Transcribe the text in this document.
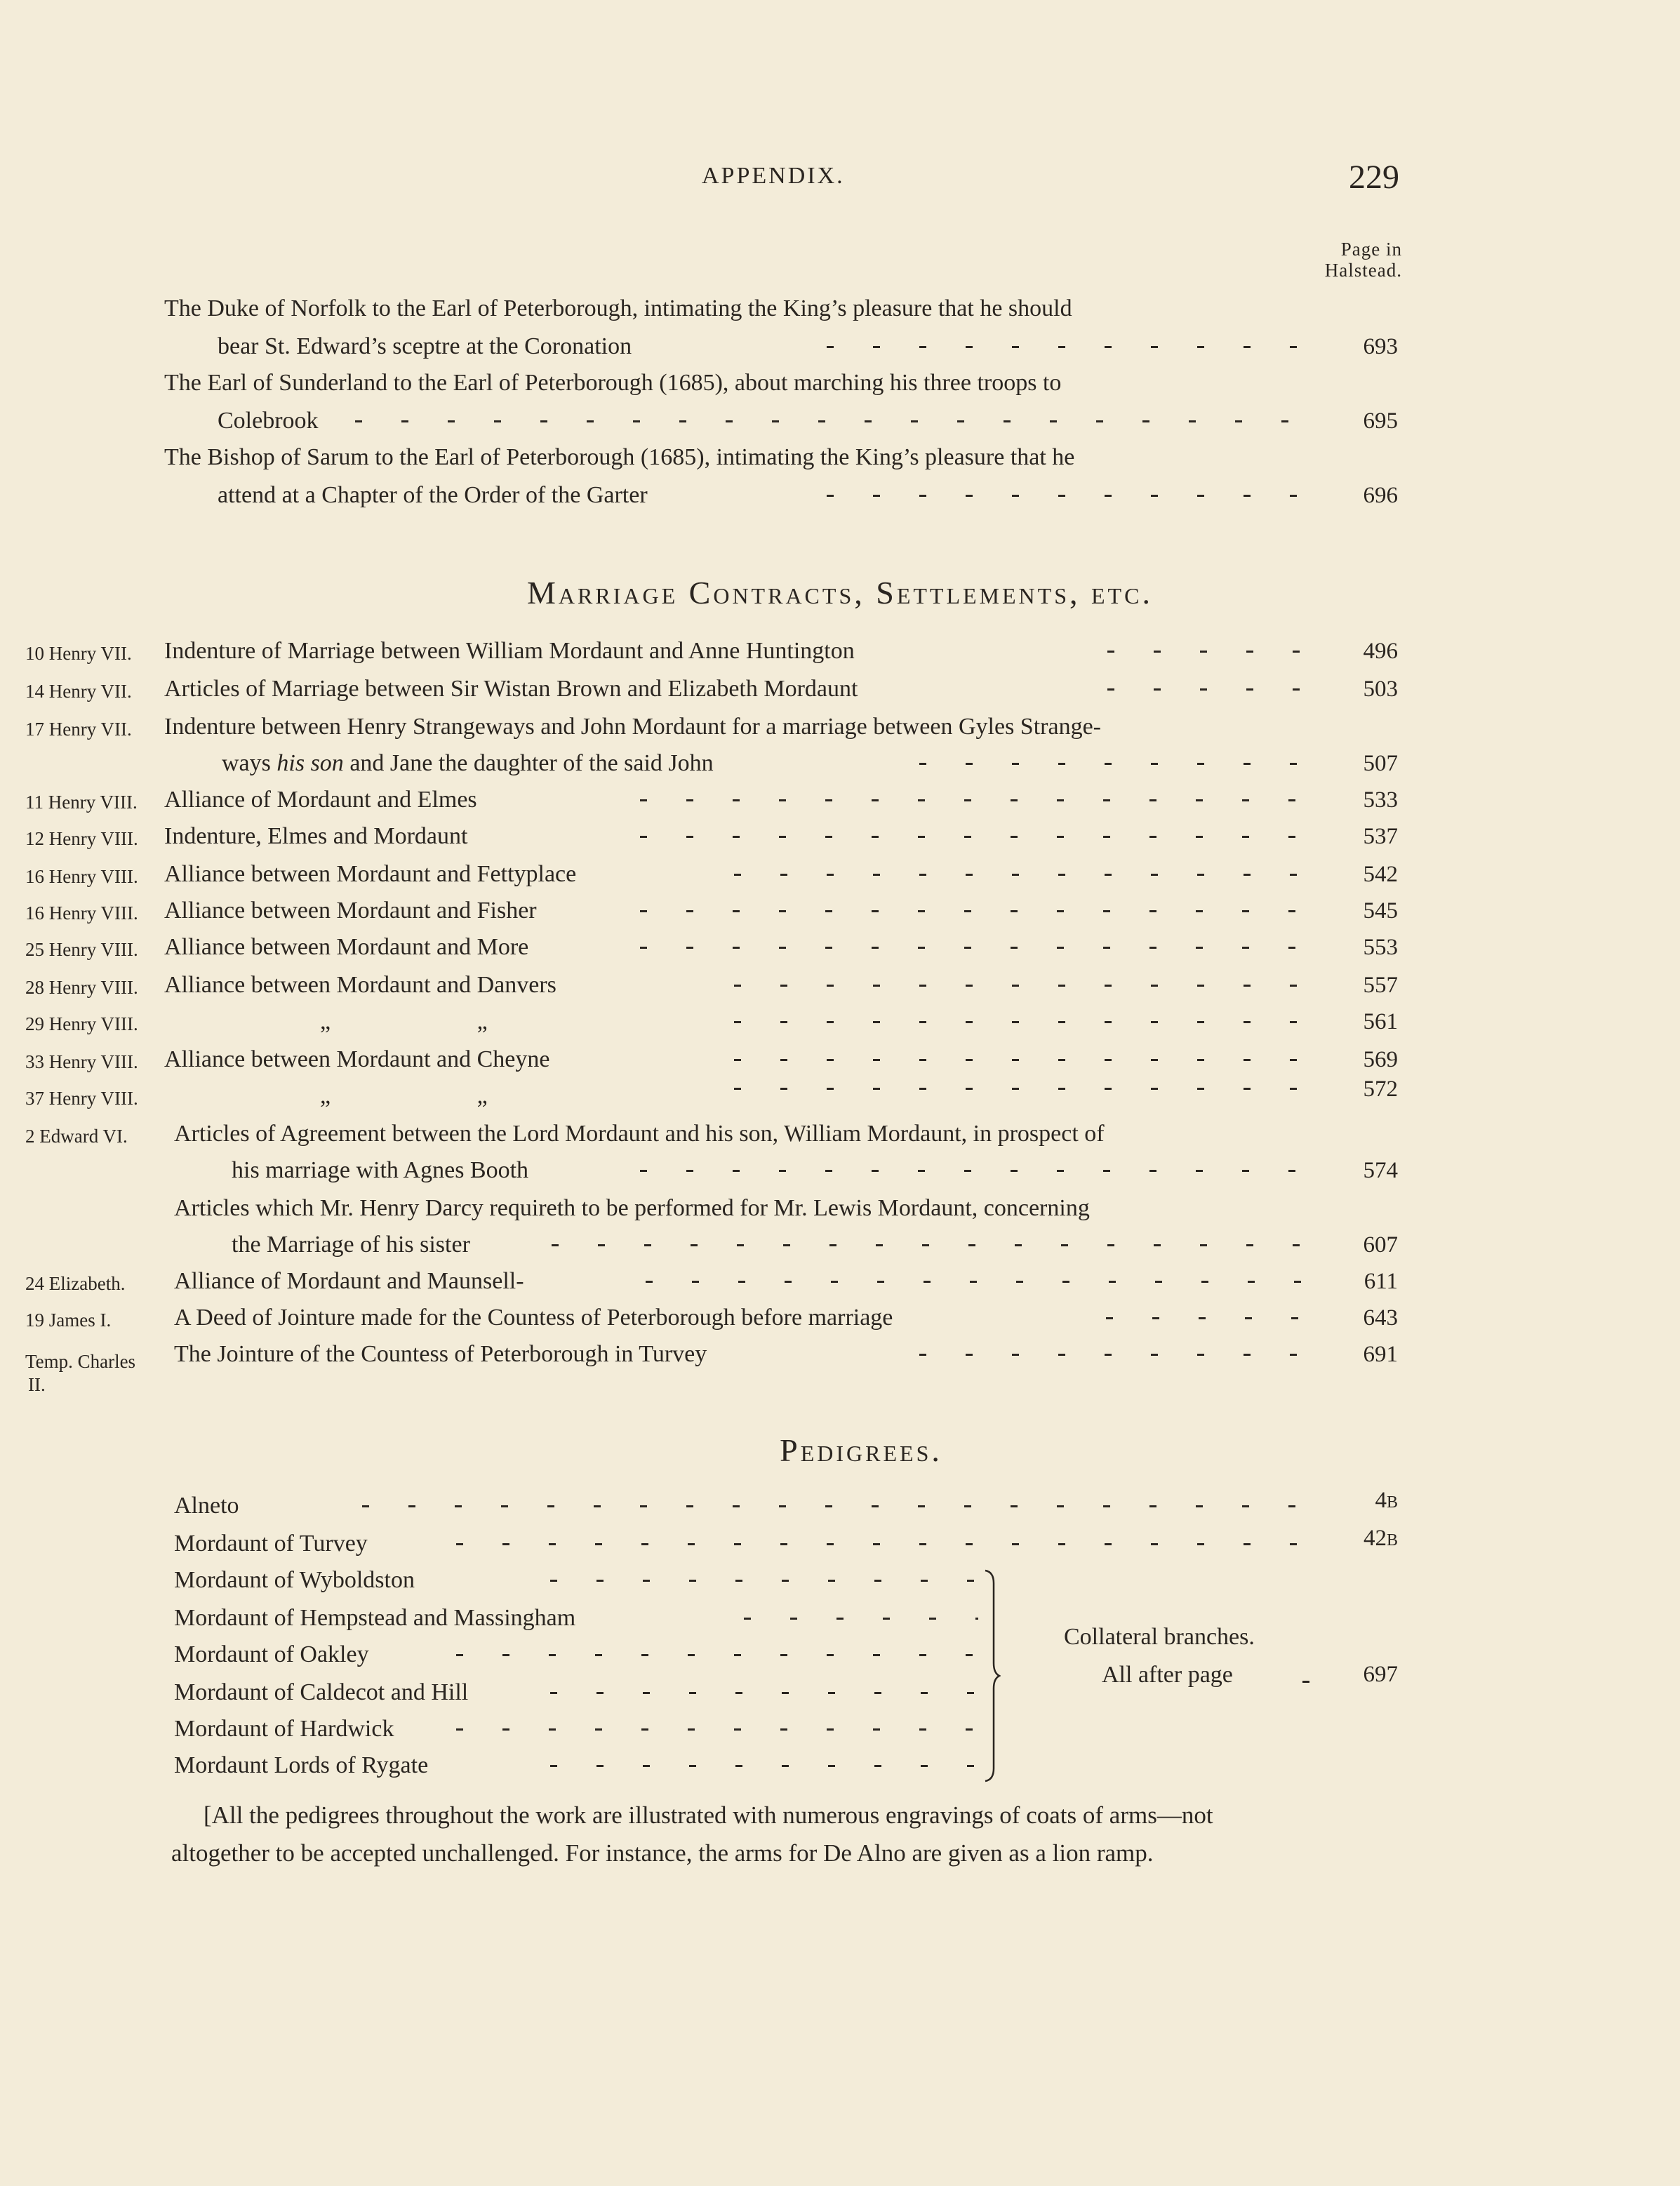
APPENDIX.	229
Page in
Halstead.
The Duke of Norfolk to the Earl of Peterborough, intimating the King’s pleasure that he should
bear St. Edward’s sceptre at the Coronation	693
The Earl of Sunderland to the Earl of Peterborough (1685), about marching his three troops to
Colebrook	695
The Bishop of Sarum to the Earl of Peterborough (1685), intimating the King’s pleasure that he
attend at a Chapter of the Order of the Garter	696
Marriage Contracts, Settlements, etc.
10 Henry VII. Indenture of Marriage between William Mordaunt and Anne Huntington	496
14 Henry VII. Articles of Marriage between Sir Wistan Brown and Elizabeth Mordaunt	503
17 Henry VII. Indenture between Henry Strangeways and John Mordaunt for a marriage between Gyles Strange-
ways his son and Jane the daughter of the said John	507
11 Henry VIII. Alliance of Mordaunt and Elmes	533
12 Henry VIII. Indenture, Elmes and Mordaunt	537
16 Henry VIII. Alliance between Mordaunt and Fettyplace	542
16 Henry VIII. Alliance between Mordaunt and Fisher	545
25 Henry VIII. Alliance between Mordaunt and More	553
28 Henry VIII. Alliance between Mordaunt and Danvers	557
29 Henry VIII.	„ „	561
33 Henry VIII. Alliance between Mordaunt and Cheyne	569
37 Henry VIII.	„ „	572
2 Edward VI. Articles of Agreement between the Lord Mordaunt and his son, William Mordaunt, in prospect of
his marriage with Agnes Booth	574
Articles which Mr. Henry Darcy requireth to be performed for Mr. Lewis Mordaunt, concerning
the Marriage of his sister	607
24 Elizabeth. Alliance of Mordaunt and Maunsell-	611
19 James I.	A Deed of Jointure made for the Countess of Peterborough before marriage	643
Temp. Charles The Jointure of the Countess of Peterborough in Turvey	691
II.
Pedigrees.
Alneto	4B
Mordaunt of Turvey	42B
Mordaunt of Wyboldston
Mordaunt of Hempstead and Massingham
Mordaunt of Oakley
Mordaunt of Caldecot and Hill
Mordaunt of Hardwick
Mordaunt Lords of Rygate
Collateral branches.
All after page	697
[All the pedigrees throughout the work are illustrated with numerous engravings of coats of arms—not
altogether to be accepted unchallenged. For instance, the arms for De Alno are given as a lion ramp.
